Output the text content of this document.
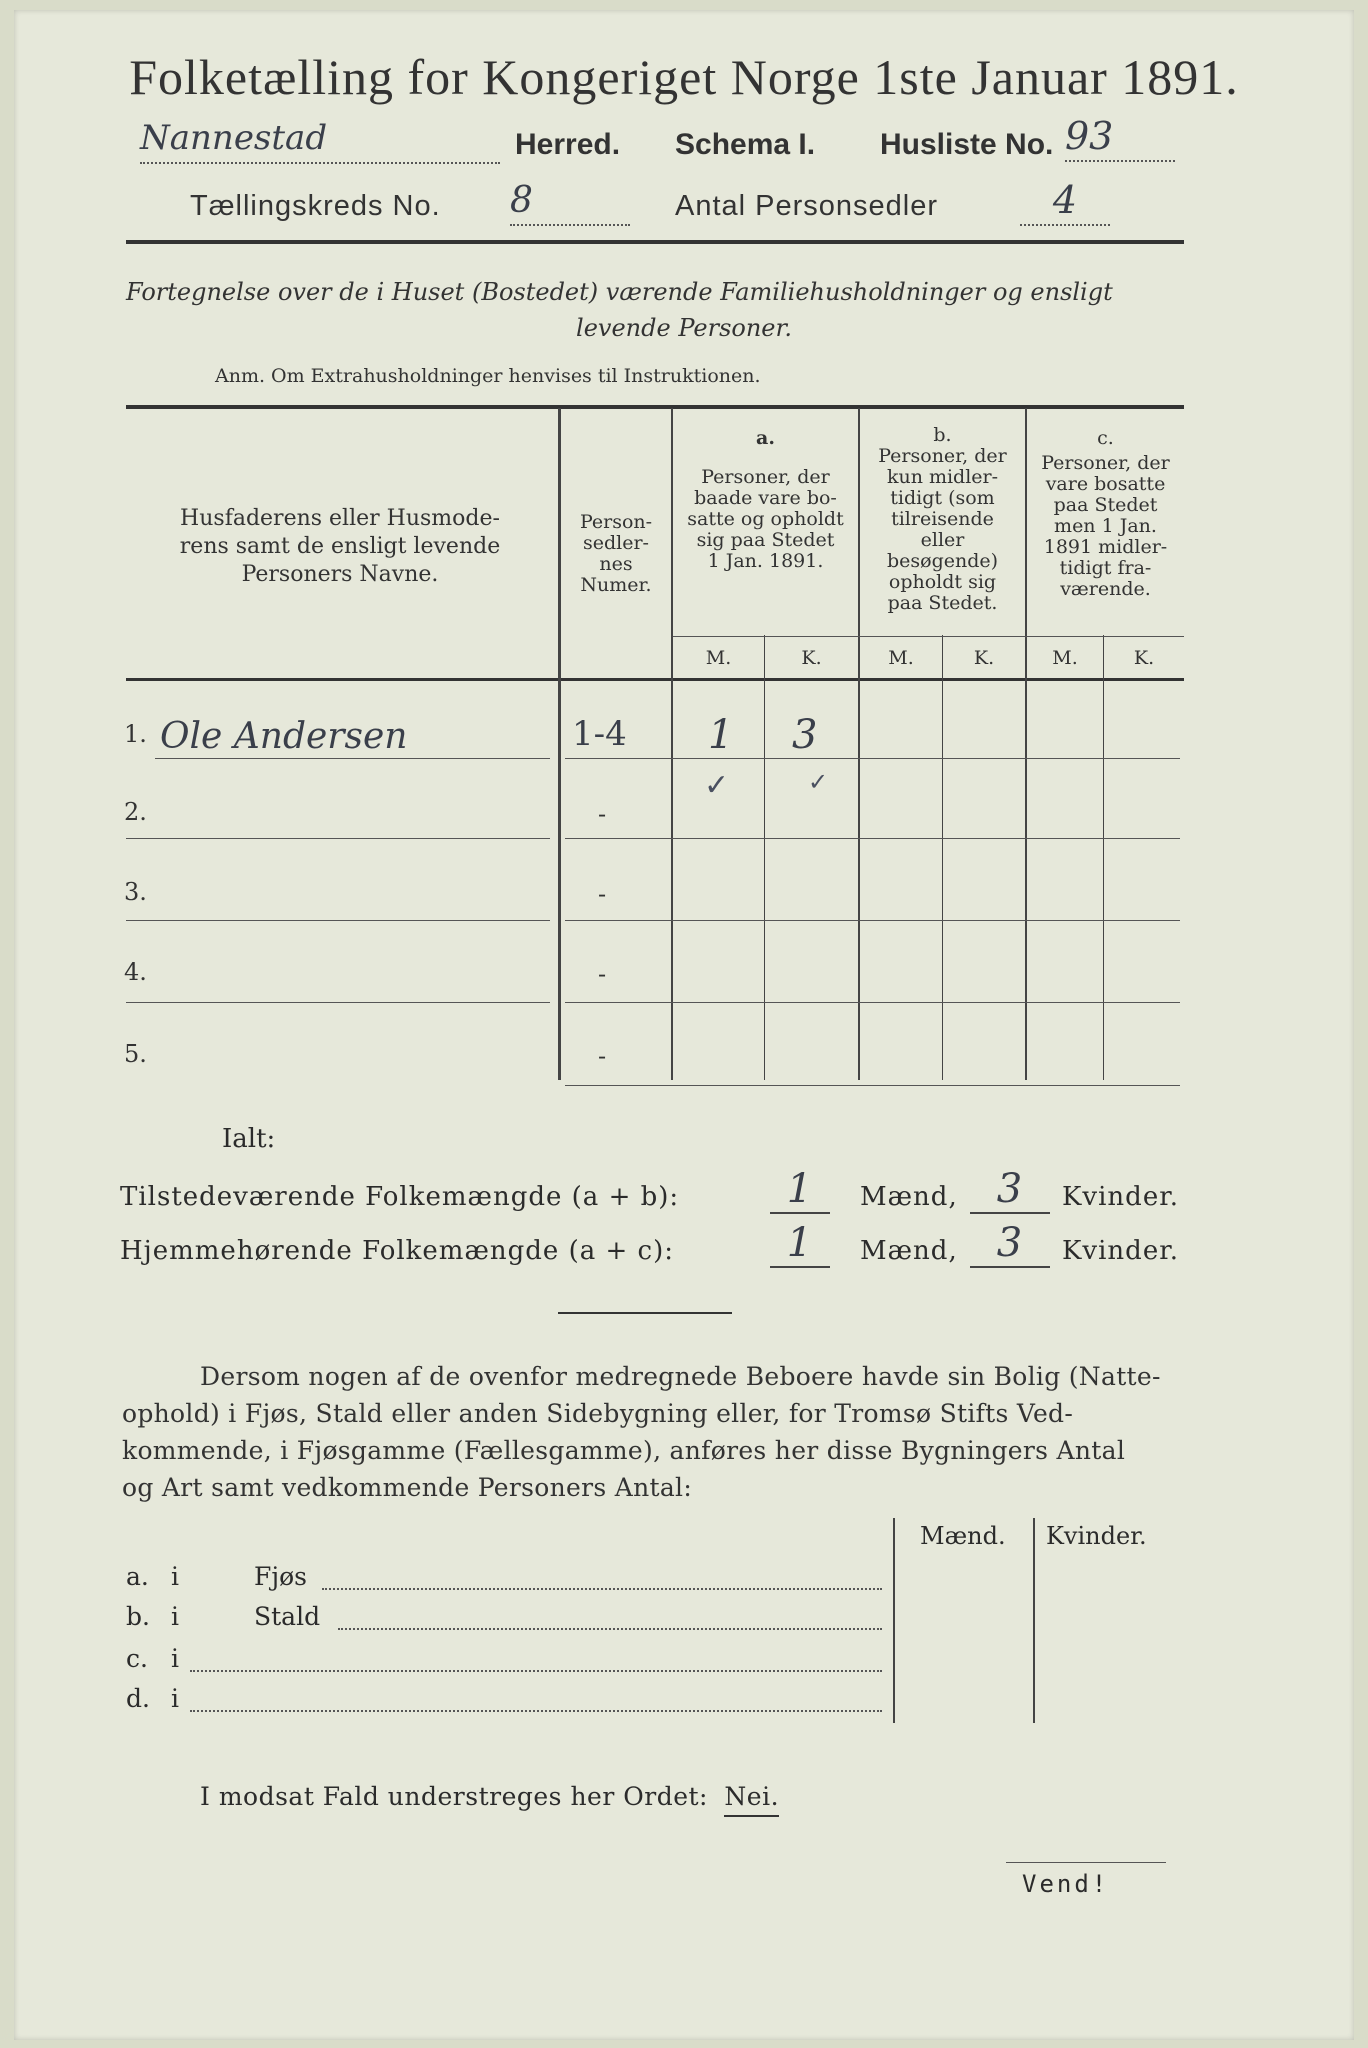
Folketælling for Kongeriget Norge 1ste Januar 1891.
Nannestad	Herred. Schema I. Husliste No. 93
Tællingskreds No. 8	Antal Personsedler	4
Fortegnelse over de i Huset (Bostedet) værende Familiehusholdninger og ensligt
levende Personer.
Anm. Om Extrahusholdninger henvises til Instruktionen.
Husfaderens eller Husmode-
rens samt de ensligt levende
Personers Navne.
Person-
sedler-
nes
Numer.
a.
Personer, der
baade vare bo-
satte og opholdt
sig paa Stedet
1 Jan. 1891.
b.
Personer, der
kun midler-
tidigt (som
tilreisende
eller
besøgende)
opholdt sig
paa Stedet.
c.
Personer, der
vare bosatte
paa Stedet
men 1 Jan.
1891 midler-
tidigt fra-
værende.
M.	K.	M.	K.	M.	K.
1. Ole Andersen	1-4 1 3
✓	✓
2.	-
3.	-
4.	-
5.	-
Ialt:
Tilstedeværende Folkemængde (a + b):	1	Mænd, 3	Kvinder.
Hjemmehørende Folkemængde (a + c):	1	Mænd, 3	Kvinder.
Dersom nogen af de ovenfor medregnede Beboere havde sin Bolig (Natte-
ophold) i Fjøs, Stald eller anden Sidebygning eller, for Tromsø Stifts Ved-
kommende, i Fjøsgamme (Fællesgamme), anføres her disse Bygningers Antal
og Art samt vedkommende Personers Antal:
Mænd. Kvinder.
a. i	Fjøs
b. i	Stald
c. i
d. i
I modsat Fald understreges her Ordet: Nei.
Vend!
